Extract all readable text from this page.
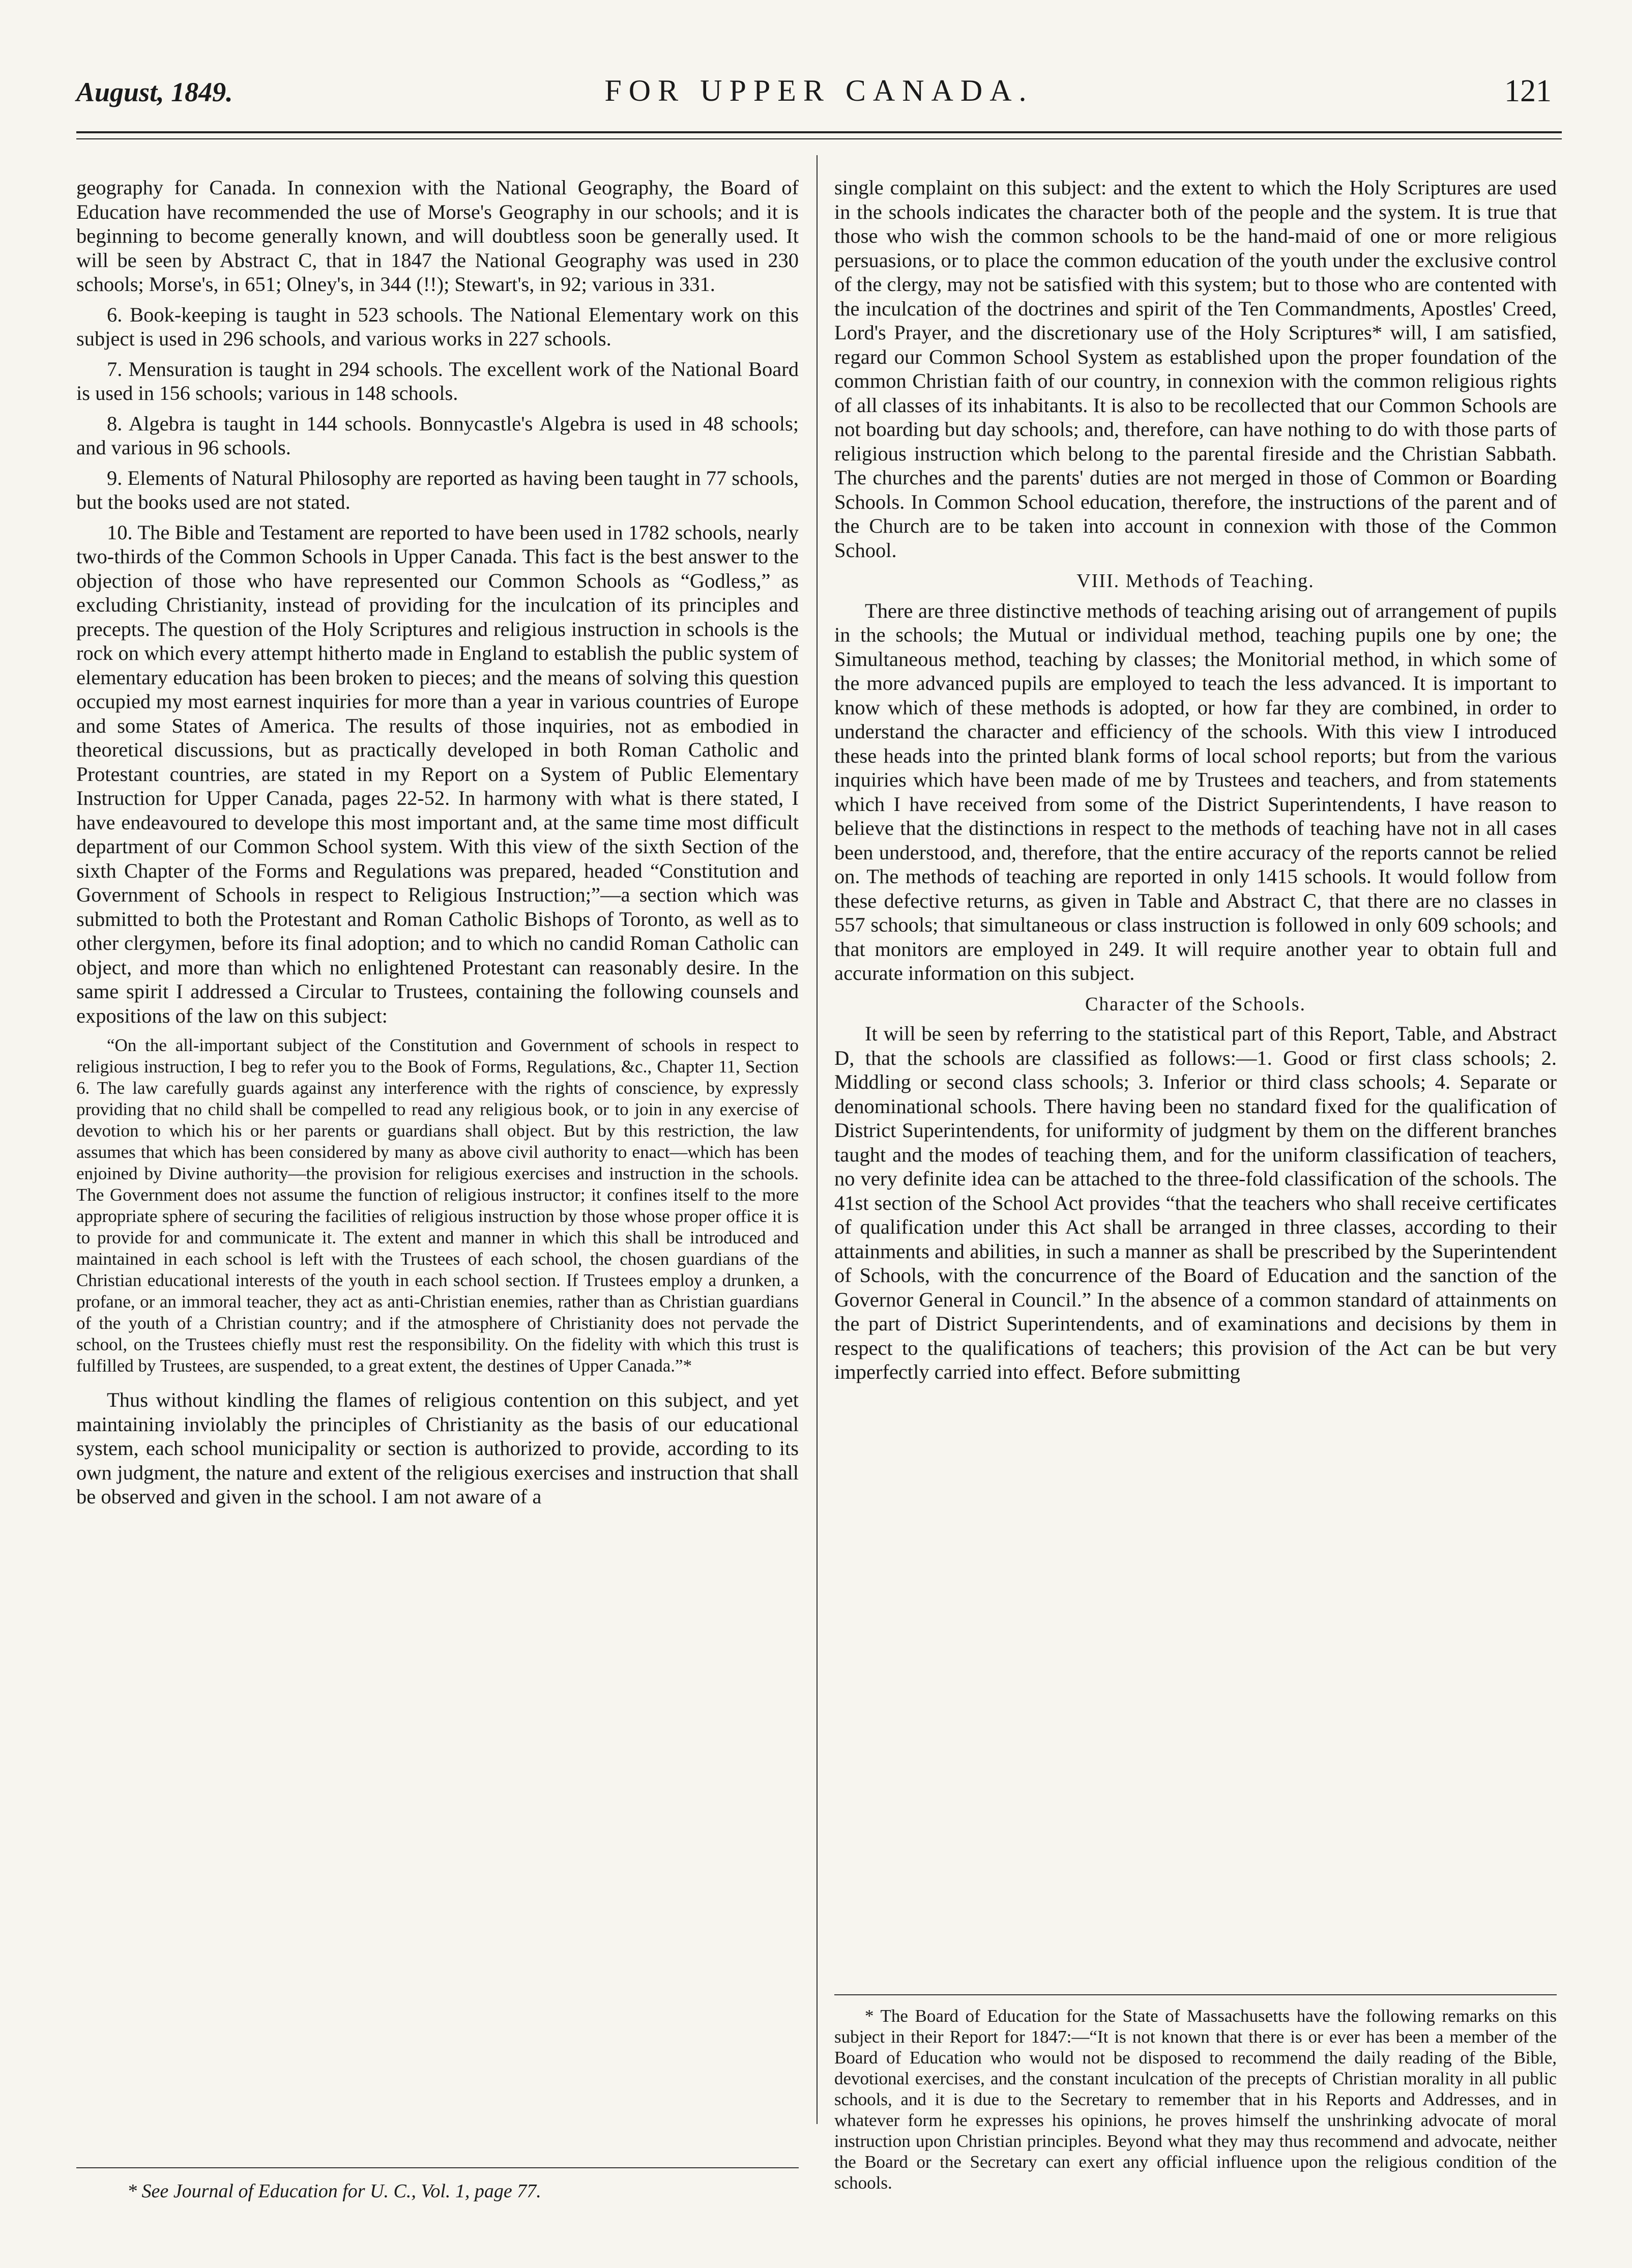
August, 1849.	FOR UPPER CANADA.	121

geography for Canada. In connexion with the National Geography, the Board of Education have recommended the use of Morse's Geography in our schools; and it is beginning to become generally known, and will doubtless soon be generally used. It will be seen by Abstract C, that in 1847 the National Geography was used in 230 schools; Morse's, in 651; Olney's, in 344 (!!); Stewart's, in 92; various in 331.

6. Book-keeping is taught in 523 schools. The National Elementary work on this subject is used in 296 schools, and various works in 227 schools.

7. Mensuration is taught in 294 schools. The excellent work of the National Board is used in 156 schools; various in 148 schools.

8. Algebra is taught in 144 schools. Bonnycastle's Algebra is used in 48 schools; and various in 96 schools.

9. Elements of Natural Philosophy are reported as having been taught in 77 schools, but the books used are not stated.

10. The Bible and Testament are reported to have been used in 1782 schools, nearly two-thirds of the Common Schools in Upper Canada. This fact is the best answer to the objection of those who have represented our Common Schools as “Godless,” as excluding Christianity, instead of providing for the inculcation of its principles and precepts. The question of the Holy Scriptures and religious instruction in schools is the rock on which every attempt hitherto made in England to establish the public system of elementary education has been broken to pieces; and the means of solving this question occupied my most earnest inquiries for more than a year in various countries of Europe and some States of America. The results of those inquiries, not as embodied in theoretical discussions, but as practically developed in both Roman Catholic and Protestant countries, are stated in my Report on a System of Public Elementary Instruction for Upper Canada, pages 22-52. In harmony with what is there stated, I have endeavoured to develope this most important and, at the same time most difficult department of our Common School system. With this view of the sixth Section of the sixth Chapter of the Forms and Regulations was prepared, headed “Constitution and Government of Schools in respect to Religious Instruction;”—a section which was submitted to both the Protestant and Roman Catholic Bishops of Toronto, as well as to other clergymen, before its final adoption; and to which no candid Roman Catholic can object, and more than which no enlightened Protestant can reasonably desire. In the same spirit I addressed a Circular to Trustees, containing the following counsels and expositions of the law on this subject:

“On the all-important subject of the Constitution and Government of schools in respect to religious instruction, I beg to refer you to the Book of Forms, Regulations, &c., Chapter 11, Section 6. The law carefully guards against any interference with the rights of conscience, by expressly providing that no child shall be compelled to read any religious book, or to join in any exercise of devotion to which his or her parents or guardians shall object. But by this restriction, the law assumes that which has been considered by many as above civil authority to enact—which has been enjoined by Divine authority—the provision for religious exercises and instruction in the schools. The Government does not assume the function of religious instructor; it confines itself to the more appropriate sphere of securing the facilities of religious instruction by those whose proper office it is to provide for and communicate it. The extent and manner in which this shall be introduced and maintained in each school is left with the Trustees of each school, the chosen guardians of the Christian educational interests of the youth in each school section. If Trustees employ a drunken, a profane, or an immoral teacher, they act as anti-Christian enemies, rather than as Christian guardians of the youth of a Christian country; and if the atmosphere of Christianity does not pervade the school, on the Trustees chiefly must rest the responsibility. On the fidelity with which this trust is fulfilled by Trustees, are suspended, to a great extent, the destines of Upper Canada.”*

Thus without kindling the flames of religious contention on this subject, and yet maintaining inviolably the principles of Christianity as the basis of our educational system, each school municipality or section is authorized to provide, according to its own judgment, the nature and extent of the religious exercises and instruction that shall be observed and given in the school. I am not aware of a

single complaint on this subject: and the extent to which the Holy Scriptures are used in the schools indicates the character both of the people and the system. It is true that those who wish the common schools to be the hand-maid of one or more religious persuasions, or to place the common education of the youth under the exclusive control of the clergy, may not be satisfied with this system; but to those who are contented with the inculcation of the doctrines and spirit of the Ten Commandments, Apostles' Creed, Lord's Prayer, and the discretionary use of the Holy Scriptures* will, I am satisfied, regard our Common School System as established upon the proper foundation of the common Christian faith of our country, in connexion with the common religious rights of all classes of its inhabitants. It is also to be recollected that our Common Schools are not boarding but day schools; and, therefore, can have nothing to do with those parts of religious instruction which belong to the parental fireside and the Christian Sabbath. The churches and the parents' duties are not merged in those of Common or Boarding Schools. In Common School education, therefore, the instructions of the parent and of the Church are to be taken into account in connexion with those of the Common School.

VIII. Methods of Teaching.

There are three distinctive methods of teaching arising out of arrangement of pupils in the schools; the Mutual or individual method, teaching pupils one by one; the Simultaneous method, teaching by classes; the Monitorial method, in which some of the more advanced pupils are employed to teach the less advanced. It is important to know which of these methods is adopted, or how far they are combined, in order to understand the character and efficiency of the schools. With this view I introduced these heads into the printed blank forms of local school reports; but from the various inquiries which have been made of me by Trustees and teachers, and from statements which I have received from some of the District Superintendents, I have reason to believe that the distinctions in respect to the methods of teaching have not in all cases been understood, and, therefore, that the entire accuracy of the reports cannot be relied on. The methods of teaching are reported in only 1415 schools. It would follow from these defective returns, as given in Table and Abstract C, that there are no classes in 557 schools; that simultaneous or class instruction is followed in only 609 schools; and that monitors are employed in 249. It will require another year to obtain full and accurate information on this subject.

Character of the Schools.

It will be seen by referring to the statistical part of this Report, Table, and Abstract D, that the schools are classified as follows:—1. Good or first class schools; 2. Middling or second class schools; 3. Inferior or third class schools; 4. Separate or denominational schools. There having been no standard fixed for the qualification of District Superintendents, for uniformity of judgment by them on the different branches taught and the modes of teaching them, and for the uniform classification of teachers, no very definite idea can be attached to the three-fold classification of the schools. The 41st section of the School Act provides “that the teachers who shall receive certificates of qualification under this Act shall be arranged in three classes, according to their attainments and abilities, in such a manner as shall be prescribed by the Superintendent of Schools, with the concurrence of the Board of Education and the sanction of the Governor General in Council.” In the absence of a common standard of attainments on the part of District Superintendents, and of examinations and decisions by them in respect to the qualifications of teachers; this provision of the Act can be but very imperfectly carried into effect. Before submitting

* See Journal of Education for U. C., Vol. 1, page 77.
* The Board of Education for the State of Massachusetts have the following remarks on this subject in their Report for 1847:—“It is not known that there is or ever has been a member of the Board of Education who would not be disposed to recommend the daily reading of the Bible, devotional exercises, and the constant inculcation of the precepts of Christian morality in all public schools, and it is due to the Secretary to remember that in his Reports and Addresses, and in whatever form he expresses his opinions, he proves himself the unshrinking advocate of moral instruction upon Christian principles. Beyond what they may thus recommend and advocate, neither the Board or the Secretary can exert any official influence upon the religious condition of the schools.
